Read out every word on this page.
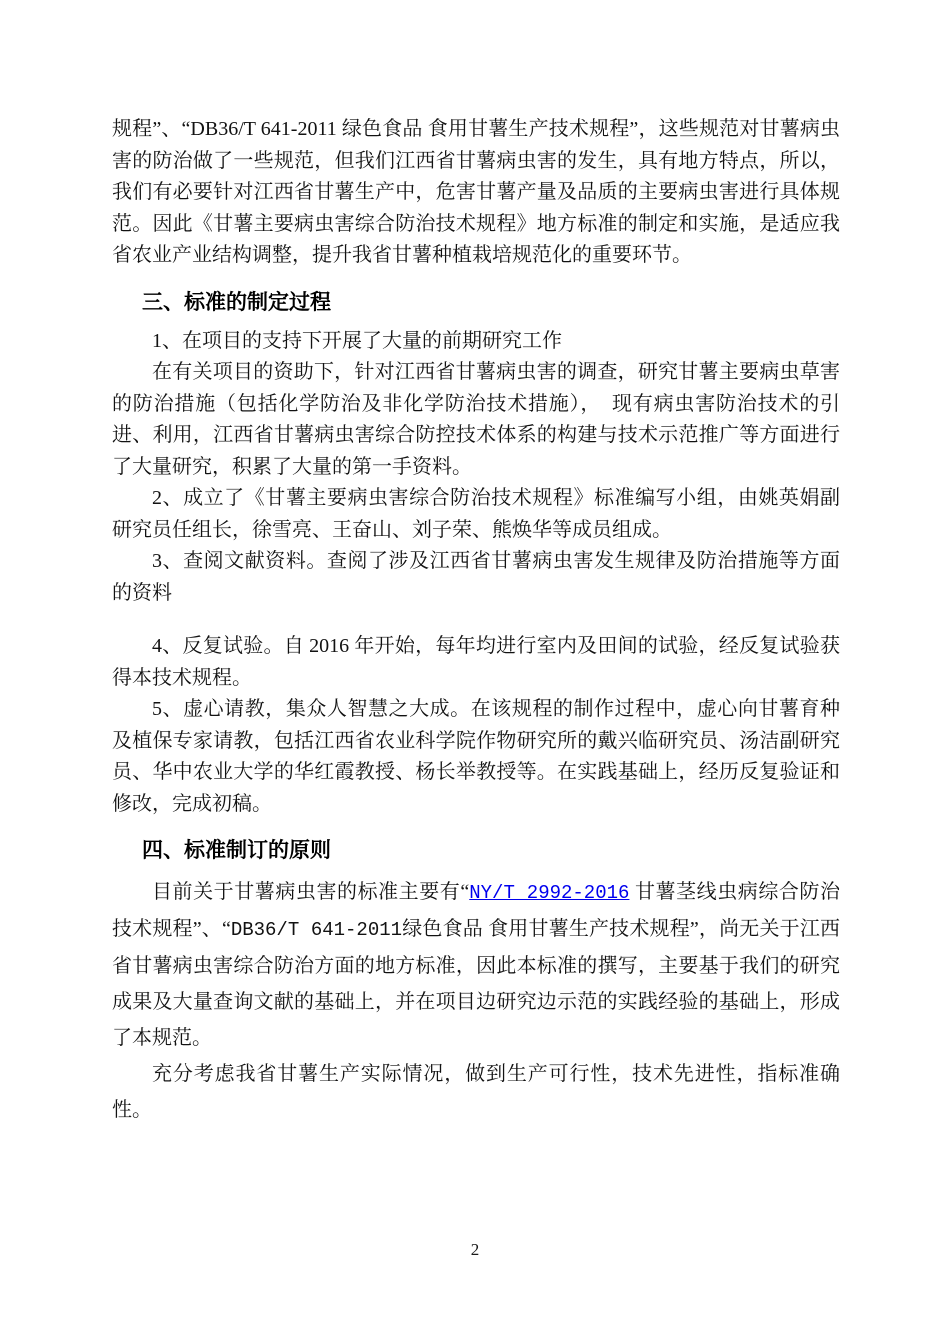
规程”、“DB36/T 641-2011 绿色食品 食用甘薯生产技术规程”，这些规范对甘薯病虫害的防治做了一些规范，但我们江西省甘薯病虫害的发生，具有地方特点，所以，我们有必要针对江西省甘薯生产中，危害甘薯产量及品质的主要病虫害进行具体规范。因此《甘薯主要病虫害综合防治技术规程》地方标准的制定和实施，是适应我省农业产业结构调整，提升我省甘薯种植栽培规范化的重要环节。

三、标准的制定过程

1、在项目的支持下开展了大量的前期研究工作

在有关项目的资助下，针对江西省甘薯病虫害的调查，研究甘薯主要病虫草害的防治措施（包括化学防治及非化学防治技术措施），　现有病虫害防治技术的引进、利用，江西省甘薯病虫害综合防控技术体系的构建与技术示范推广等方面进行了大量研究，积累了大量的第一手资料。

2、成立了《甘薯主要病虫害综合防治技术规程》标准编写小组，由姚英娟副研究员任组长，徐雪亮、王奋山、刘子荣、熊焕华等成员组成。

3、查阅文献资料。查阅了涉及江西省甘薯病虫害发生规律及防治措施等方面的资料

4、反复试验。自 2016 年开始，每年均进行室内及田间的试验，经反复试验获得本技术规程。

5、虚心请教，集众人智慧之大成。在该规程的制作过程中，虚心向甘薯育种及植保专家请教，包括江西省农业科学院作物研究所的戴兴临研究员、汤洁副研究员、华中农业大学的华红霞教授、杨长举教授等。在实践基础上，经历反复验证和修改，完成初稿。

四、标准制订的原则

目前关于甘薯病虫害的标准主要有“NY/T 2992-2016 甘薯茎线虫病综合防治技术规程”、“DB36/T 641-2011绿色食品 食用甘薯生产技术规程”，尚无关于江西省甘薯病虫害综合防治方面的地方标准，因此本标准的撰写，主要基于我们的研究成果及大量查询文献的基础上，并在项目边研究边示范的实践经验的基础上，形成了本规范。

充分考虑我省甘薯生产实际情况，做到生产可行性，技术先进性，指标准确性。

2
